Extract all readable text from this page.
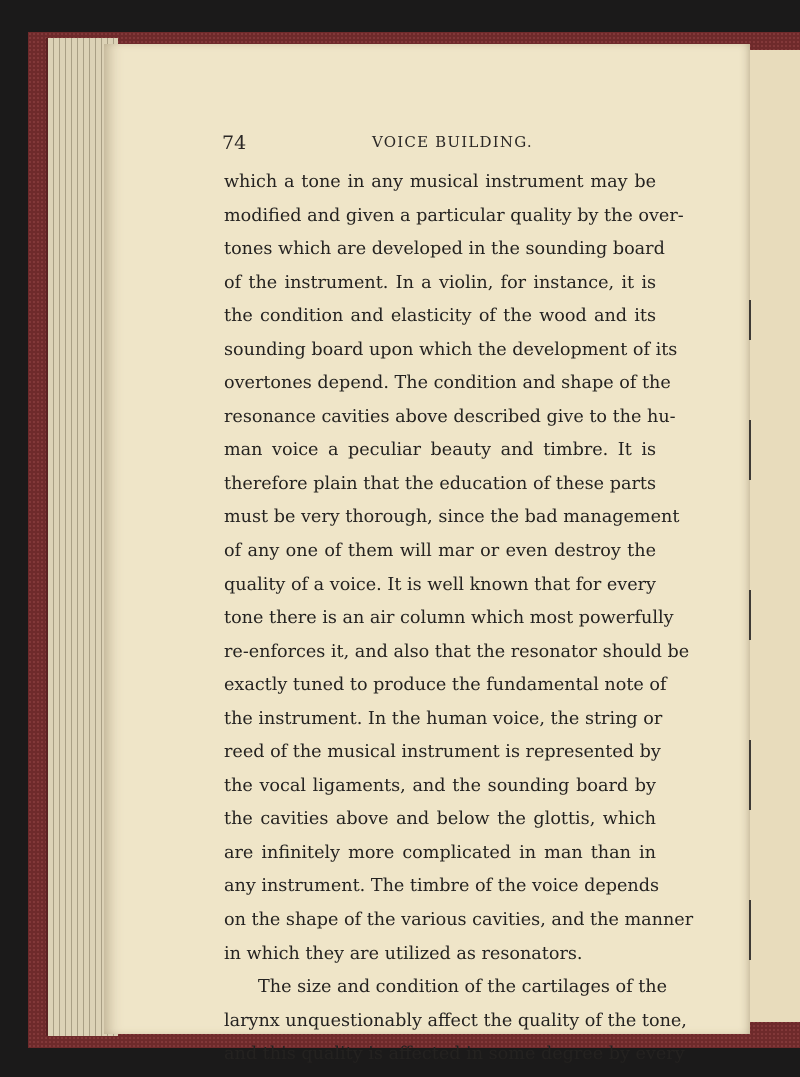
74	VOICE BUILDING.
which a tone in any musical instrument may be
modified and given a particular quality by the over-
tones which are developed in the sounding board
of the instrument. In a violin, for instance, it is
the condition and elasticity of the wood and its
sounding board upon which the development of its
overtones depend. The condition and shape of the
resonance cavities above described give to the hu-
man voice a peculiar beauty and timbre. It is
therefore plain that the education of these parts
must be very thorough, since the bad management
of any one of them will mar or even destroy the
quality of a voice. It is well known that for every
tone there is an air column which most powerfully
re-enforces it, and also that the resonator should be
exactly tuned to produce the fundamental note of
the instrument. In the human voice, the string or
reed of the musical instrument is represented by
the vocal ligaments, and the sounding board by
the cavities above and below the glottis, which
are infinitely more complicated in man than in
any instrument. The timbre of the voice depends
on the shape of the various cavities, and the manner
in which they are utilized as resonators.
The size and condition of the cartilages of the
larynx unquestionably affect the quality of the tone,
and this quality is affected in some degree by every
